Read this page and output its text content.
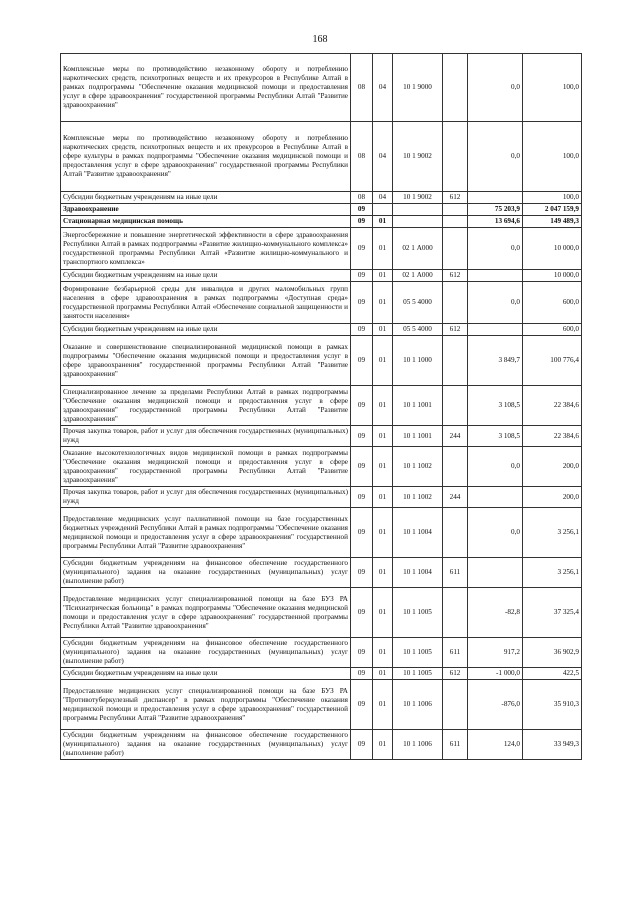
168
Комплексные меры по противодействию незаконному обороту и потреблению наркотических средств, психотропных веществ и их прекурсоров в Республике Алтай в рамках подпрограммы "Обеспечение оказания медицинской помощи и предоставления услуг в сфере здравоохранения" государственной программы Республики Алтай "Развитие здравоохранения"	08	04	10 1 9000		0,0	100,0
Комплексные меры по противодействию незаконному обороту и потреблению наркотических средств, психотропных веществ и их прекурсоров в Республике Алтай в сфере культуры в рамках подпрограммы "Обеспечение оказания медицинской помощи и предоставления услуг в сфере здравоохранения" государственной программы Республики Алтай "Развитие здравоохранения"	08	04	10 1 9002		0,0	100,0
Субсидии бюджетным учреждениям на иные цели	08	04	10 1 9002	612		100,0
Здравоохранение	09				75 203,9	2 047 159,9
Стационарная медицинская помощь	09	01			13 694,6	149 489,3
Энергосбережение и повышение энергетической эффективности в сфере здравоохранения Республики Алтай в рамках подпрограммы «Развитие жилищно-коммунального комплекса» государственной программы Республики Алтай «Развитие жилищно-коммунального и транспортного комплекса»	09	01	02 1 А000		0,0	10 000,0
Субсидии бюджетным учреждениям на иные цели	09	01	02 1 А000	612		10 000,0
Формирование безбарьерной среды для инвалидов и других маломобильных групп населения в сфере здравоохранения в рамках подпрограммы «Доступная среда» государственной программы Республики Алтай «Обеспечение социальной защищенности и занятости населения»	09	01	05 5 4000		0,0	600,0
Субсидии бюджетным учреждениям на иные цели	09	01	05 5 4000	612		600,0
Оказание и совершенствование специализированной медицинской помощи в рамках подпрограммы "Обеспечение оказания медицинской помощи и предоставления услуг в сфере здравоохранения" государственной программы Республики Алтай "Развитие здравоохранения"	09	01	10 1 1000		3 849,7	100 776,4
Специализированное лечение за пределами Республики Алтай в рамках подпрограммы "Обеспечение оказания медицинской помощи и предоставления услуг в сфере здравоохранения" государственной программы Республики Алтай "Развитие здравоохранения"	09	01	10 1 1001		3 108,5	22 384,6
Прочая закупка товаров, работ и услуг для обеспечения государственных (муниципальных) нужд	09	01	10 1 1001	244	3 108,5	22 384,6
Оказание высокотехнологичных видов медицинской помощи в рамках подпрограммы "Обеспечение оказания медицинской помощи и предоставления услуг в сфере здравоохранения" государственной программы Республики Алтай "Развитие здравоохранения"	09	01	10 1 1002		0,0	200,0
Прочая закупка товаров, работ и услуг для обеспечения государственных (муниципальных) нужд	09	01	10 1 1002	244		200,0
Предоставление медицинских услуг паллиативной помощи на базе государственных бюджетных учреждений Республики Алтай в рамках подпрограммы "Обеспечение оказания медицинской помощи и предоставления услуг в сфере здравоохранения" государственной программы Республики Алтай "Развитие здравоохранения"	09	01	10 1 1004		0,0	3 256,1
Субсидии бюджетным учреждениям на финансовое обеспечение государственного (муниципального) задания на оказание государственных (муниципальных) услуг (выполнение работ)	09	01	10 1 1004	611		3 256,1
Предоставление медицинских услуг специализированной помощи на базе БУЗ РА "Психиатрическая больница" в рамках подпрограммы "Обеспечение оказания медицинской помощи и предоставления услуг в сфере здравоохранения" государственной программы Республики Алтай "Развитие здравоохранения"	09	01	10 1 1005		-82,8	37 325,4
Субсидии бюджетным учреждениям на финансовое обеспечение государственного (муниципального) задания на оказание государственных (муниципальных) услуг (выполнение работ)	09	01	10 1 1005	611	917,2	36 902,9
Субсидии бюджетным учреждениям на иные цели	09	01	10 1 1005	612	-1 000,0	422,5
Предоставление медицинских услуг специализированной помощи на базе БУЗ РА "Противотуберкулезный диспансер" в рамках подпрограммы "Обеспечение оказания медицинской помощи и предоставления услуг в сфере здравоохранения" государственной программы Республики Алтай "Развитие здравоохранения"	09	01	10 1 1006		-876,0	35 910,3
Субсидии бюджетным учреждениям на финансовое обеспечение государственного (муниципального) задания на оказание государственных (муниципальных) услуг (выполнение работ)	09	01	10 1 1006	611	124,0	33 949,3
